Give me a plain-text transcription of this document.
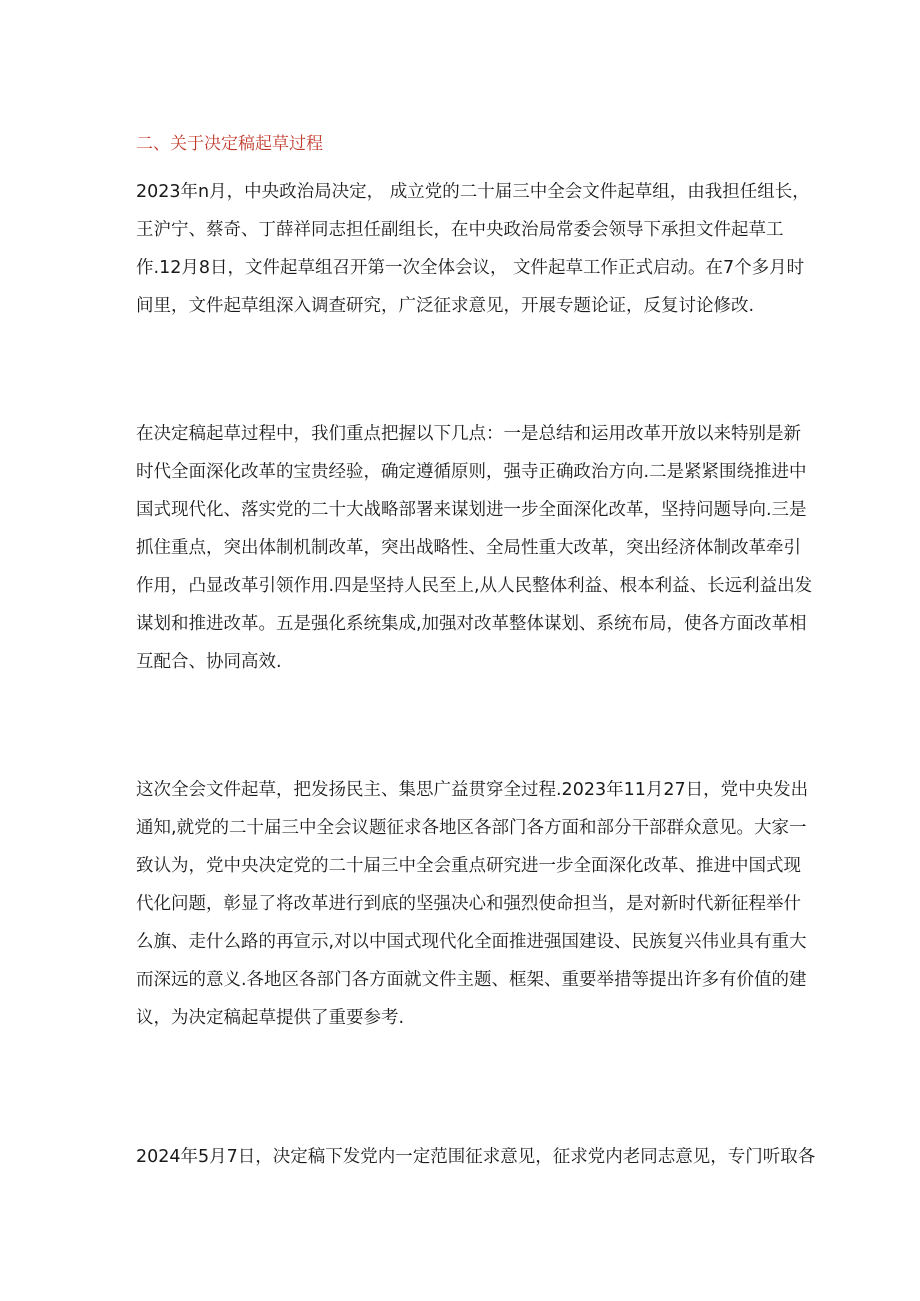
二、关于决定稿起草过程
2023年n月，中央政治局决定， 成立党的二十届三中全会文件起草组，由我担任组长，
王沪宁、蔡奇、丁薛祥同志担任副组长，在中央政治局常委会领导下承担文件起草工
作.12月8日，文件起草组召开第一次全体会议， 文件起草工作正式启动。在7个多月时
间里，文件起草组深入调查研究，广泛征求意见，开展专题论证，反复讨论修改.
在决定稿起草过程中，我们重点把握以下几点：一是总结和运用改革开放以来特别是新
时代全面深化改革的宝贵经验，确定遵循原则，强寺正确政治方向.二是紧紧围绕推进中
国式现代化、落实党的二十大战略部署来谋划进一步全面深化改革，坚持问题导向.三是
抓住重点，突出体制机制改革，突出战略性、全局性重大改革，突出经济体制改革牵引
作用，凸显改革引领作用.四是坚持人民至上,从人民整体利益、根本利益、长远利益出发
谋划和推进改革。五是强化系统集成,加强对改革整体谋划、系统布局，使各方面改革相
互配合、协同高效.
这次全会文件起草，把发扬民主、集思广益贯穿全过程.2023年11月27日，党中央发出
通知,就党的二十届三中全会议题征求各地区各部门各方面和部分干部群众意见。大家一
致认为，党中央决定党的二十届三中全会重点研究进一步全面深化改革、推进中国式现
代化问题，彰显了将改革进行到底的坚强决心和强烈使命担当，是对新时代新征程举什
么旗、走什么路的再宣示,对以中国式现代化全面推进强国建设、民族复兴伟业具有重大
而深远的意义.各地区各部门各方面就文件主题、框架、重要举措等提出许多有价值的建
议，为决定稿起草提供了重要参考.
2024年5月7日，决定稿下发党内一定范围征求意见，征求党内老同志意见，专门听取各
